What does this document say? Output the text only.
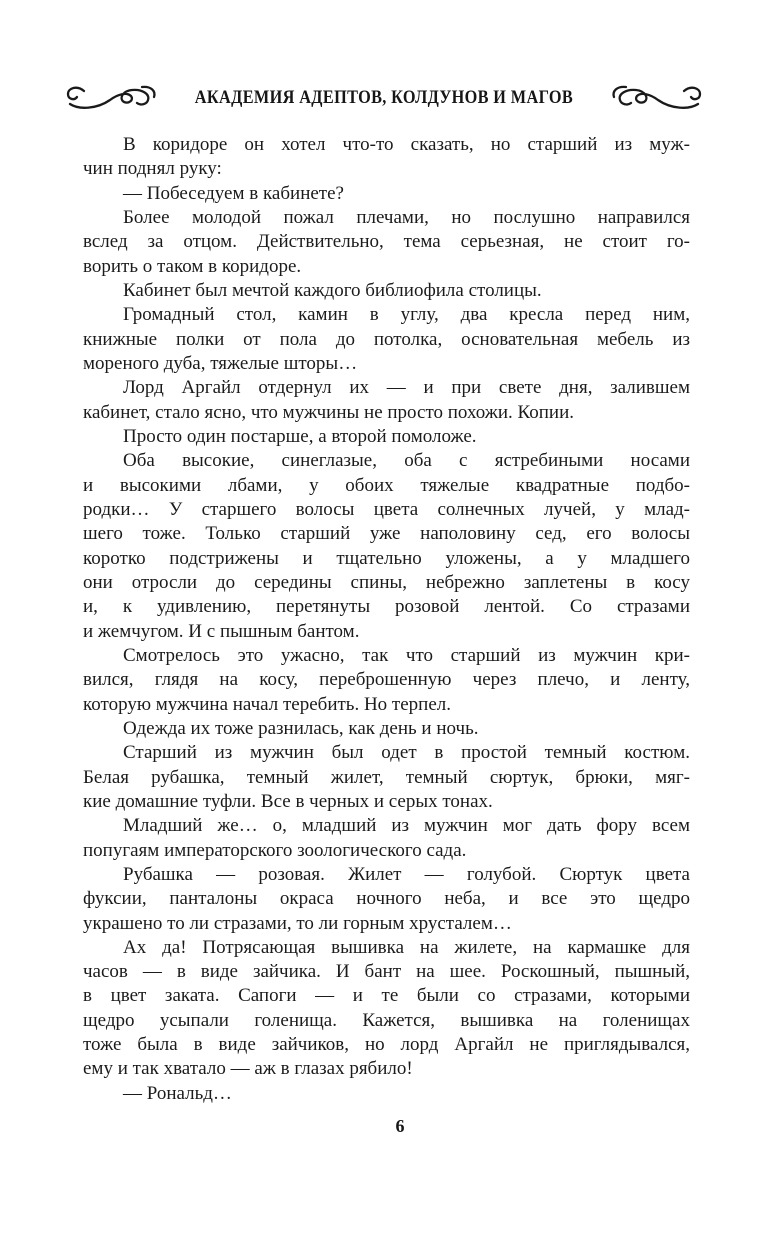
АКАДЕМИЯ АДЕПТОВ, КОЛДУНОВ И МАГОВ
В коридоре он хотел что-то сказать, но старший из муж-
чин поднял руку:
— Побеседуем в кабинете?
Более молодой пожал плечами, но послушно направился
вслед за отцом. Действительно, тема серьезная, не стоит го-
ворить о таком в коридоре.
Кабинет был мечтой каждого библиофила столицы.
Громадный стол, камин в углу, два кресла перед ним,
книжные полки от пола до потолка, основательная мебель из
мореного дуба, тяжелые шторы…
Лорд Аргайл отдернул их — и при свете дня, залившем
кабинет, стало ясно, что мужчины не просто похожи. Копии.
Просто один постарше, а второй помоложе.
Оба высокие, синеглазые, оба с ястребиными носами
и высокими лбами, у обоих тяжелые квадратные подбо-
родки… У старшего волосы цвета солнечных лучей, у млад-
шего тоже. Только старший уже наполовину сед, его волосы
коротко подстрижены и тщательно уложены, а у младшего
они отросли до середины спины, небрежно заплетены в косу
и, к удивлению, перетянуты розовой лентой. Со стразами
и жемчугом. И с пышным бантом.
Смотрелось это ужасно, так что старший из мужчин кри-
вился, глядя на косу, переброшенную через плечо, и ленту,
которую мужчина начал теребить. Но терпел.
Одежда их тоже разнилась, как день и ночь.
Старший из мужчин был одет в простой темный костюм.
Белая рубашка, темный жилет, темный сюртук, брюки, мяг-
кие домашние туфли. Все в черных и серых тонах.
Младший же… о, младший из мужчин мог дать фору всем
попугаям императорского зоологического сада.
Рубашка — розовая. Жилет — голубой. Сюртук цвета
фуксии, панталоны окраса ночного неба, и все это щедро
украшено то ли стразами, то ли горным хрусталем…
Ах да! Потрясающая вышивка на жилете, на кармашке для
часов — в виде зайчика. И бант на шее. Роскошный, пышный,
в цвет заката. Сапоги — и те были со стразами, которыми
щедро усыпали голенища. Кажется, вышивка на голенищах
тоже была в виде зайчиков, но лорд Аргайл не приглядывался,
ему и так хватало — аж в глазах рябило!
— Рональд…
6
